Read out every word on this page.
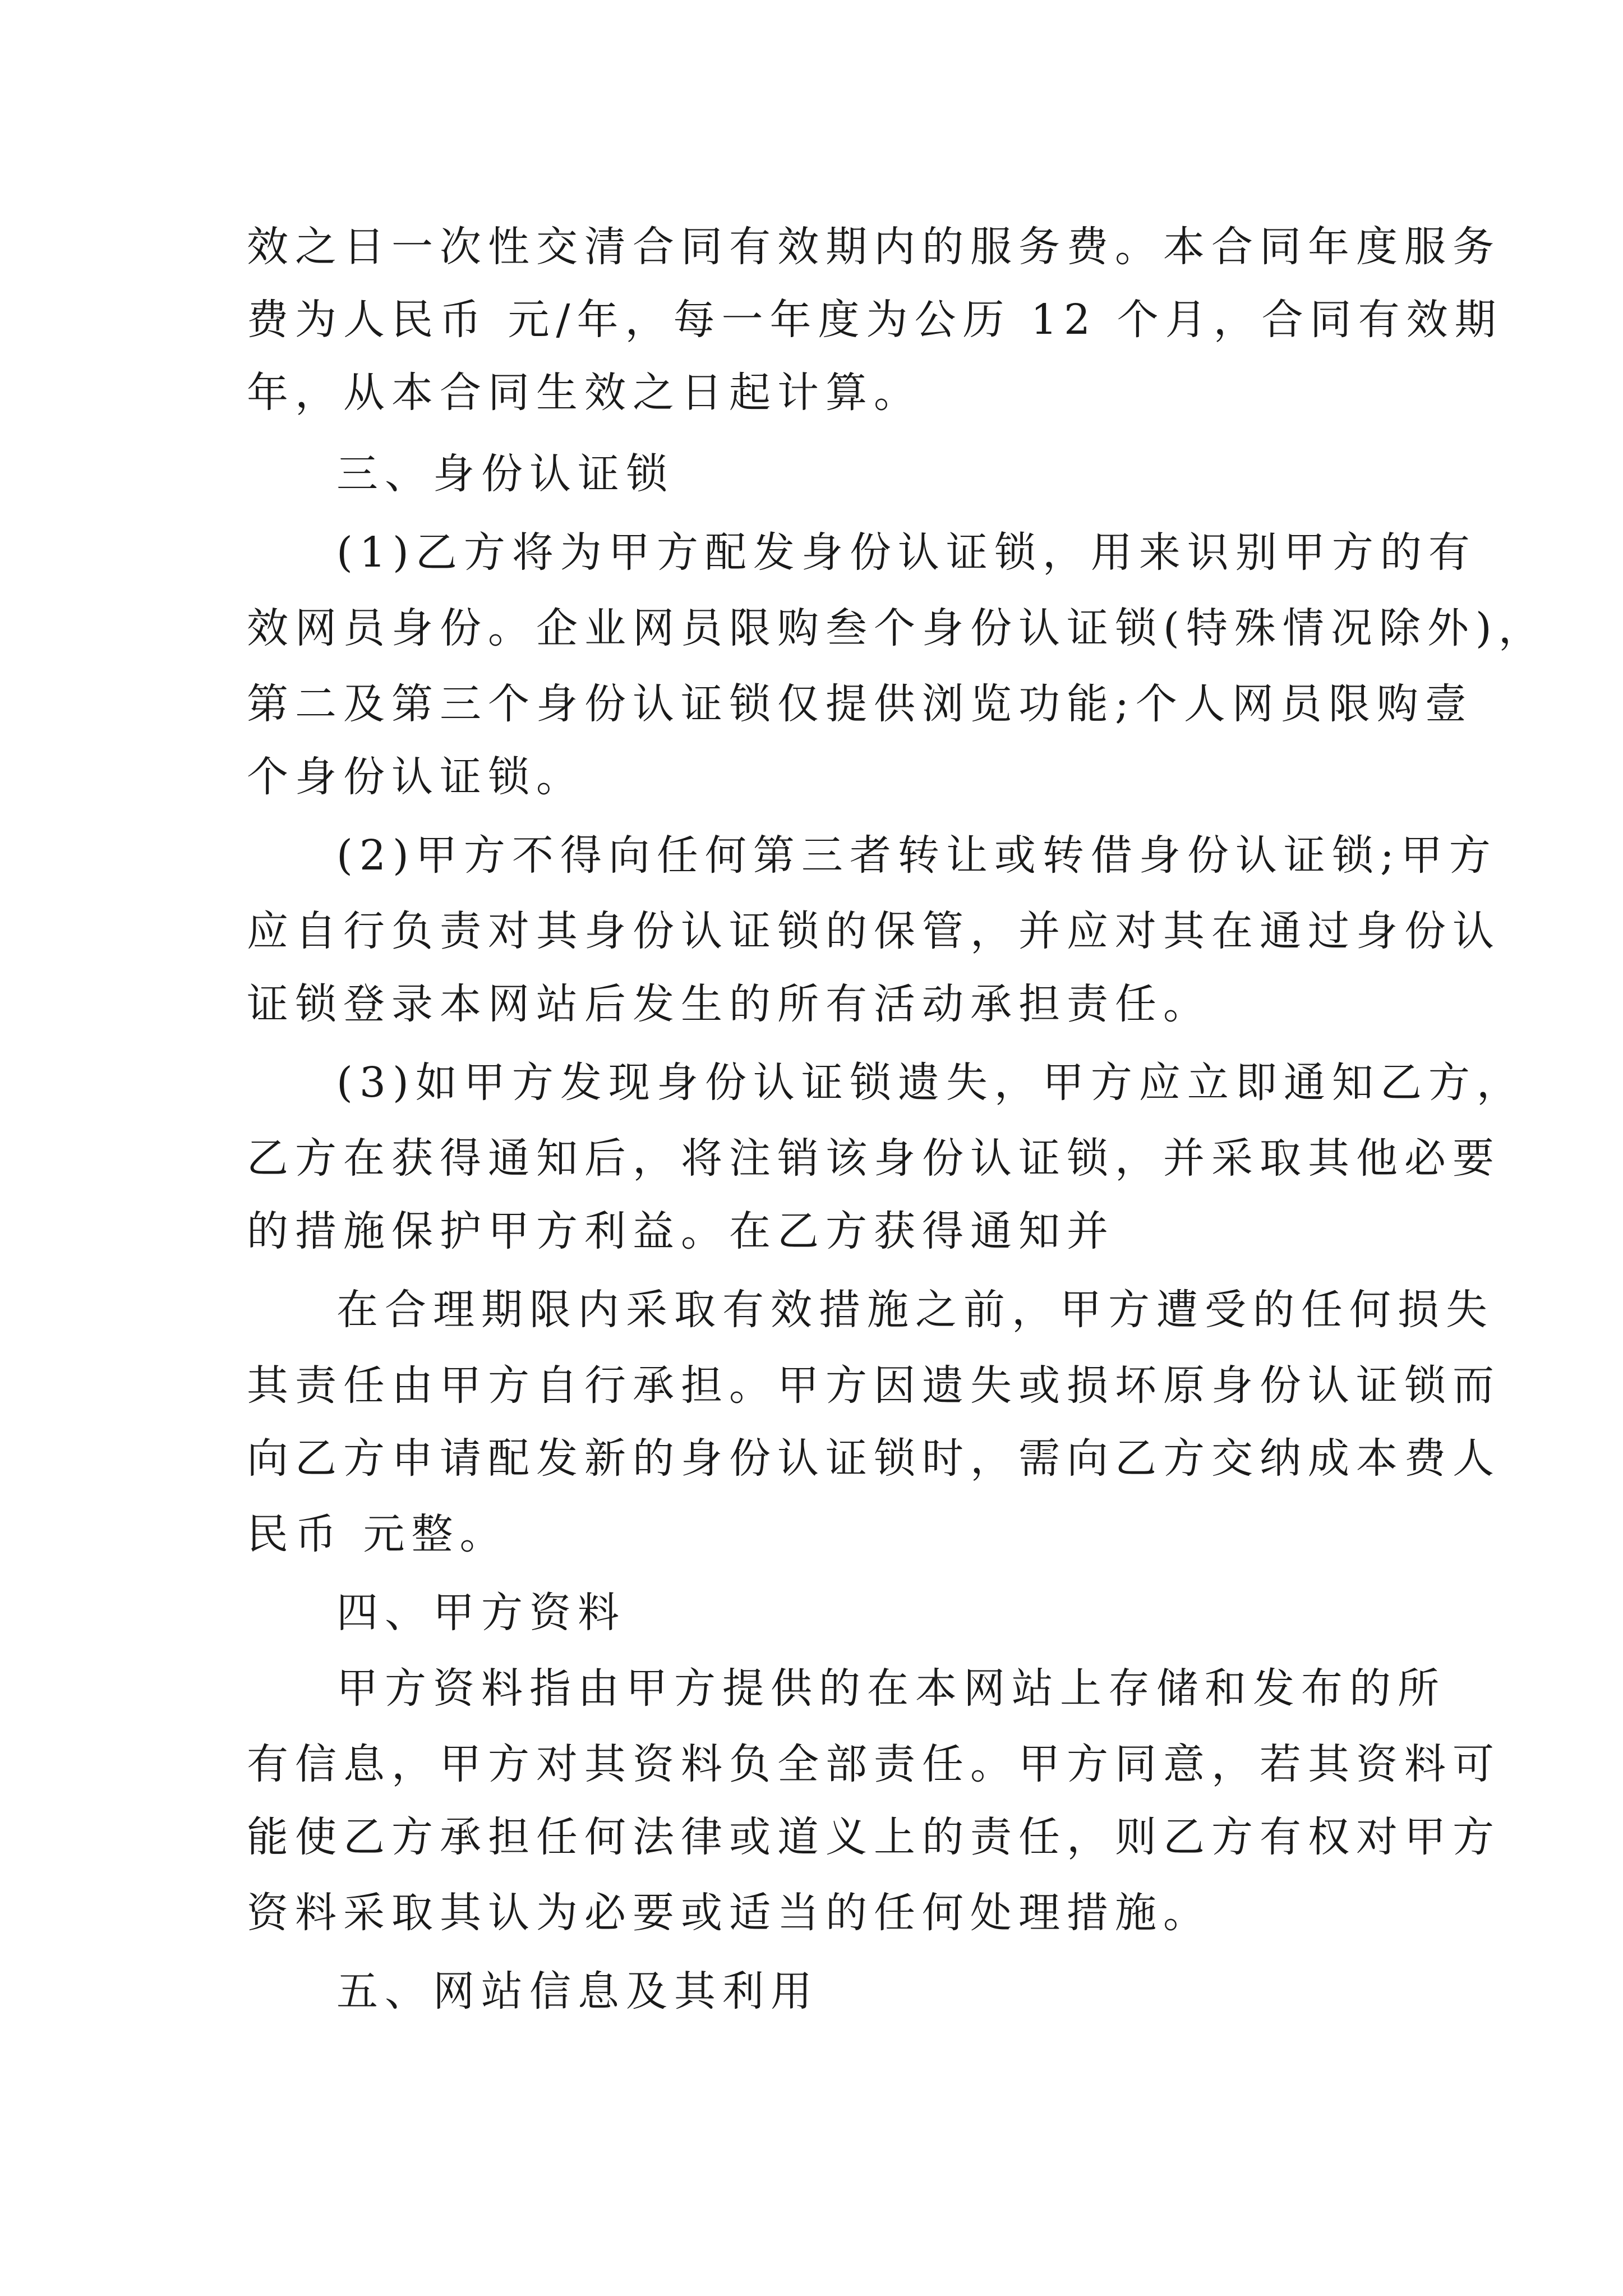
效之日一次性交清合同有效期内的服务费。本合同年度服务

费为人民币 元/年，每一年度为公历 12 个月，合同有效期

年，从本合同生效之日起计算。

三、身份认证锁

(1)乙方将为甲方配发身份认证锁，用来识别甲方的有

效网员身份。企业网员限购叁个身份认证锁(特殊情况除外)，

第二及第三个身份认证锁仅提供浏览功能;个人网员限购壹

个身份认证锁。

(2)甲方不得向任何第三者转让或转借身份认证锁;甲方

应自行负责对其身份认证锁的保管，并应对其在通过身份认

证锁登录本网站后发生的所有活动承担责任。

(3)如甲方发现身份认证锁遗失，甲方应立即通知乙方，

乙方在获得通知后，将注销该身份认证锁，并采取其他必要

的措施保护甲方利益。在乙方获得通知并

在合理期限内采取有效措施之前，甲方遭受的任何损失

其责任由甲方自行承担。甲方因遗失或损坏原身份认证锁而

向乙方申请配发新的身份认证锁时，需向乙方交纳成本费人

民币 元整。

四、甲方资料

甲方资料指由甲方提供的在本网站上存储和发布的所

有信息，甲方对其资料负全部责任。甲方同意，若其资料可

能使乙方承担任何法律或道义上的责任，则乙方有权对甲方

资料采取其认为必要或适当的任何处理措施。

五、网站信息及其利用
